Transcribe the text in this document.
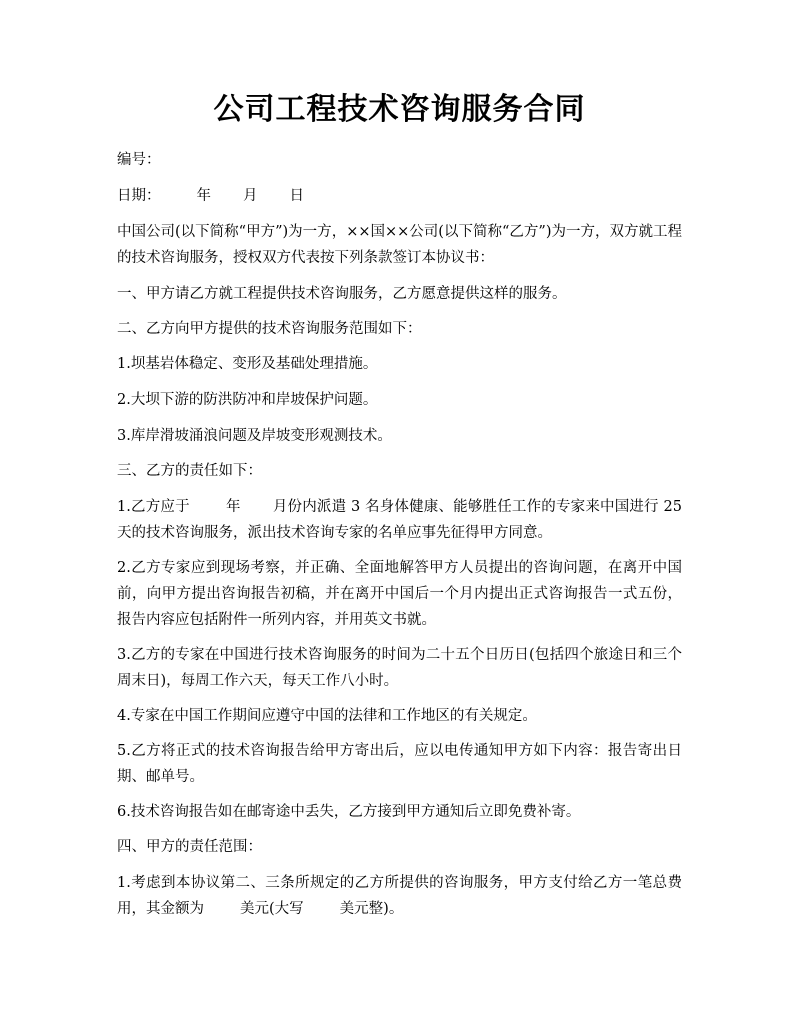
公司工程技术咨询服务合同

编号：

日期： 年 月 日

中国公司(以下简称“甲方”)为一方，××国××公司(以下简称“乙方”)为一方，双方就工程的技术咨询服务，授权双方代表按下列条款签订本协议书：

一、甲方请乙方就工程提供技术咨询服务，乙方愿意提供这样的服务。

二、乙方向甲方提供的技术咨询服务范围如下：

1.坝基岩体稳定、变形及基础处理措施。

2.大坝下游的防洪防冲和岸坡保护问题。

3.库岸滑坡涌浪问题及岸坡变形观测技术。

三、乙方的责任如下：

1.乙方应于 年 月份内派遣 3 名身体健康、能够胜任工作的专家来中国进行 25 天的技术咨询服务，派出技术咨询专家的名单应事先征得甲方同意。

2.乙方专家应到现场考察，并正确、全面地解答甲方人员提出的咨询问题，在离开中国前，向甲方提出咨询报告初稿，并在离开中国后一个月内提出正式咨询报告一式五份，报告内容应包括附件一所列内容，并用英文书就。

3.乙方的专家在中国进行技术咨询服务的时间为二十五个日历日(包括四个旅途日和三个周末日)，每周工作六天，每天工作八小时。

4.专家在中国工作期间应遵守中国的法律和工作地区的有关规定。

5.乙方将正式的技术咨询报告给甲方寄出后，应以电传通知甲方如下内容：报告寄出日期、邮单号。

6.技术咨询报告如在邮寄途中丢失，乙方接到甲方通知后立即免费补寄。

四、甲方的责任范围：

1.考虑到本协议第二、三条所规定的乙方所提供的咨询服务，甲方支付给乙方一笔总费用，其金额为 美元(大写 美元整)。
